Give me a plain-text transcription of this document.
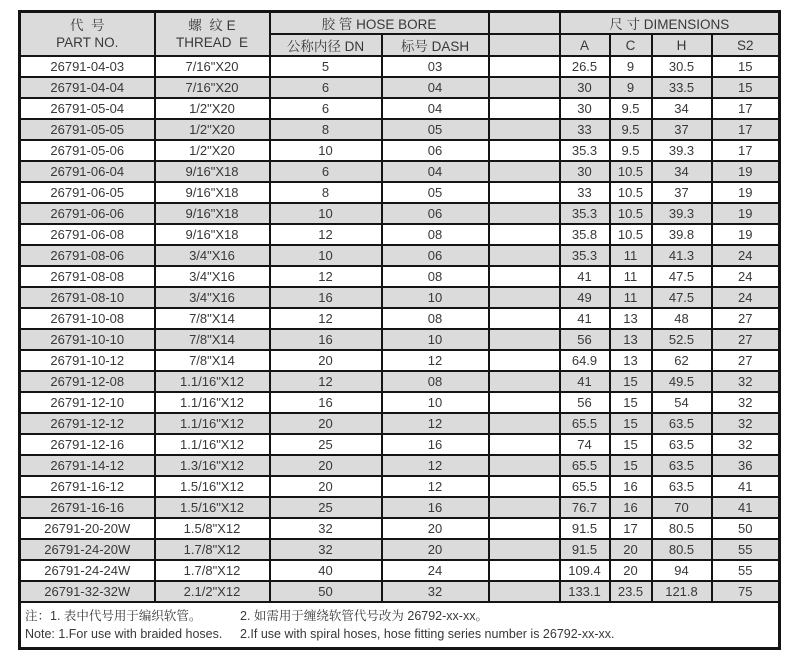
代  号
PART NO.

螺  纹 E
THREAD  E
	胶 管 HOSE BORE		尺 寸 DIMENSIONS
		公称内径 DN	标号 DASH		A	C	H	S2
26791-04-03	7/16"X20	5	03		26.5	9	30.5	15
26791-04-04	7/16"X20	6	04		30	9	33.5	15
26791-05-04	1/2"X20	6	04		30	9.5	34	17
26791-05-05	1/2"X20	8	05		33	9.5	37	17
26791-05-06	1/2"X20	10	06		35.3	9.5	39.3	17
26791-06-04	9/16"X18	6	04		30	10.5	34	19
26791-06-05	9/16"X18	8	05		33	10.5	37	19
26791-06-06	9/16"X18	10	06		35.3	10.5	39.3	19
26791-06-08	9/16"X18	12	08		35.8	10.5	39.8	19
26791-08-06	3/4"X16	10	06		35.3	11	41.3	24
26791-08-08	3/4"X16	12	08		41	11	47.5	24
26791-08-10	3/4"X16	16	10		49	11	47.5	24
26791-10-08	7/8"X14	12	08		41	13	48	27
26791-10-10	7/8"X14	16	10		56	13	52.5	27
26791-10-12	7/8"X14	20	12		64.9	13	62	27
26791-12-08	1.1/16"X12	12	08		41	15	49.5	32
26791-12-10	1.1/16"X12	16	10		56	15	54	32
26791-12-12	1.1/16"X12	20	12		65.5	15	63.5	32
26791-12-16	1.1/16"X12	25	16		74	15	63.5	32
26791-14-12	1.3/16"X12	20	12		65.5	15	63.5	36
26791-16-12	1.5/16"X12	20	12		65.5	16	63.5	41
26791-16-16	1.5/16"X12	25	16		76.7	16	70	41
26791-20-20W	1.5/8"X12	32	20		91.5	17	80.5	50
26791-24-20W	1.7/8"X12	32	20		91.5	20	80.5	55
26791-24-24W	1.7/8"X12	40	24		109.4	20	94	55
26791-32-32W	2.1/2"X12	50	32		133.1	23.5	121.8	75

注：1. 表中代号用于编织软管。 2. 如需用于缠绕软管代号改为 26792-xx-xx。
Note: 1.For use with braided hoses. 2.If use with spiral hoses, hose fitting series number is 26792-xx-xx.								
